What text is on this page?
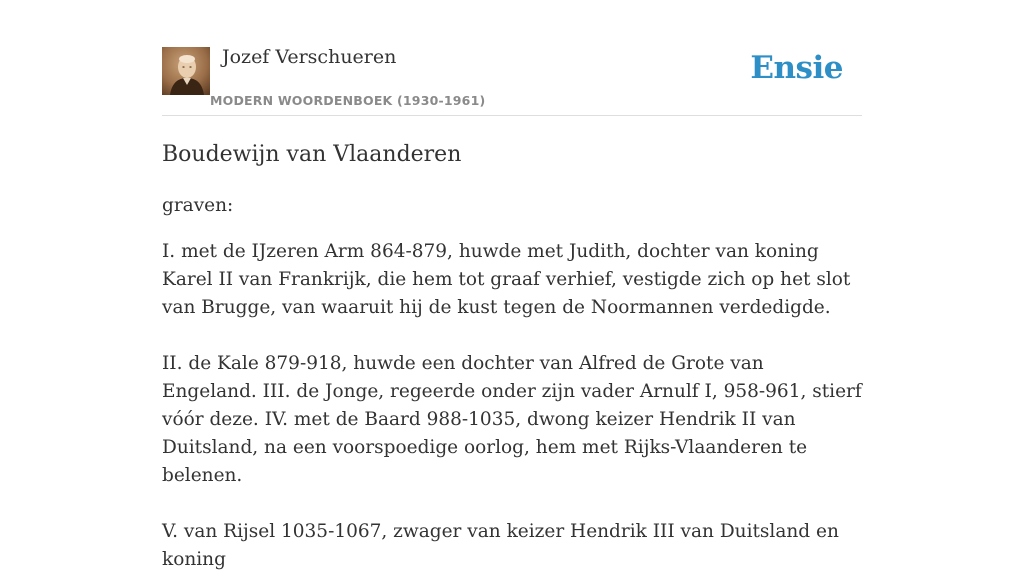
Jozef Verschueren
MODERN WOORDENBOEK (1930-1961)
Ensie
Boudewijn van Vlaanderen

graven:

I. met de IJzeren Arm 864-879, huwde met Judith, dochter van koning Karel II van Frankrijk, die hem tot graaf verhief, vestigde zich op het slot van Brugge, van waaruit hij de kust tegen de Noormannen verdedigde.

II. de Kale 879-918, huwde een dochter van Alfred de Grote van Engeland. III. de Jonge, regeerde onder zijn vader Arnulf I, 958-961, stierf vóór deze. IV. met de Baard 988-1035, dwong keizer Hendrik II van Duitsland, na een voorspoedige oorlog, hem met Rijks-Vlaanderen te belenen.

V. van Rijsel 1035-1067, zwager van keizer Hendrik III van Duitsland en koning
